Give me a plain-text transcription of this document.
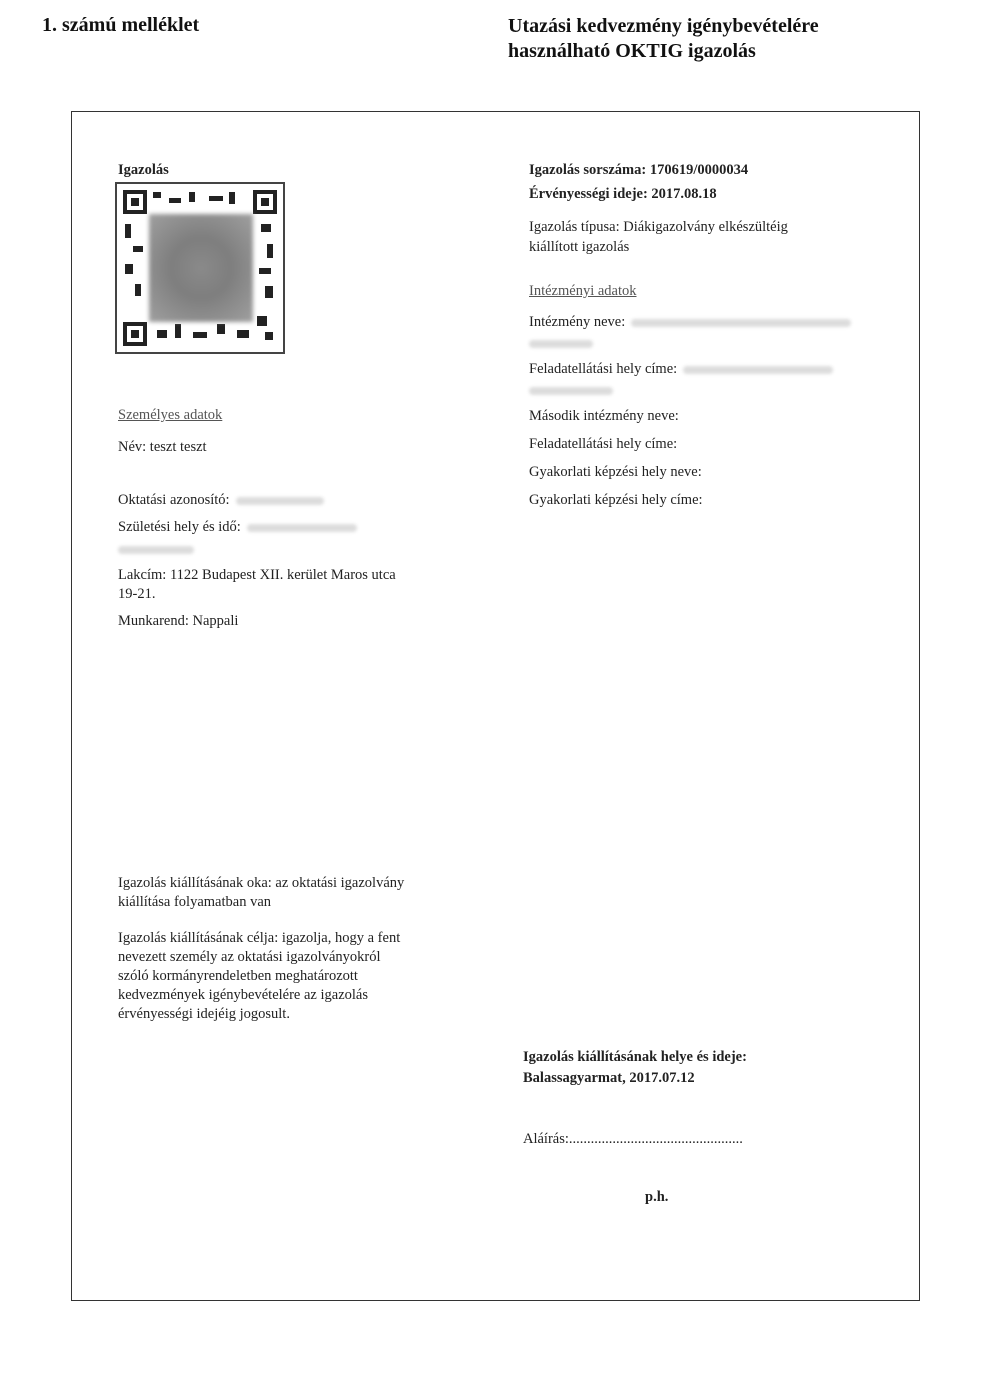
1. számú melléklet	Utazási kedvezmény igénybevételére
használható OKTIG igazolás
Igazolás
Személyes adatok
Név: teszt teszt
Oktatási azonosító:
Születési hely és idő:
Lakcím: 1122 Budapest XII. kerület Maros utca
19-21.
Munkarend: Nappali
Igazolás kiállításának oka: az oktatási igazolvány
kiállítása folyamatban van
Igazolás kiállításának célja: igazolja, hogy a fent
nevezett személy az oktatási igazolványokról
szóló kormányrendeletben meghatározott
kedvezmények igénybevételére az igazolás
érvényességi idejéig jogosult.
Igazolás sorszáma: 170619/0000034
Érvényességi ideje: 2017.08.18
Igazolás típusa: Diákigazolvány elkészültéig
kiállított igazolás
Intézményi adatok
Intézmény neve:
Feladatellátási hely címe:
Második intézmény neve:
Feladatellátási hely címe:
Gyakorlati képzési hely neve:
Gyakorlati képzési hely címe:
Igazolás kiállításának helye és ideje:
Balassagyarmat, 2017.07.12
Aláírás:................................................
p.h.
